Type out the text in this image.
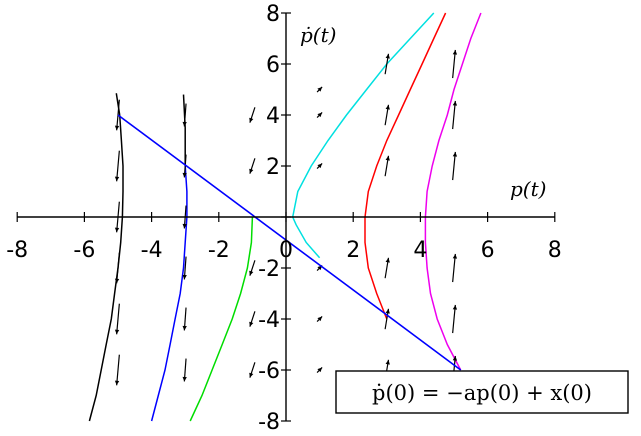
-8 -6 -4 -2 0 2 4 6 8
-8
-6
-4
-2
2
4
6
8
p(t)
ṗ(t)
ṗ(0) = −ap(0) + x(0)
